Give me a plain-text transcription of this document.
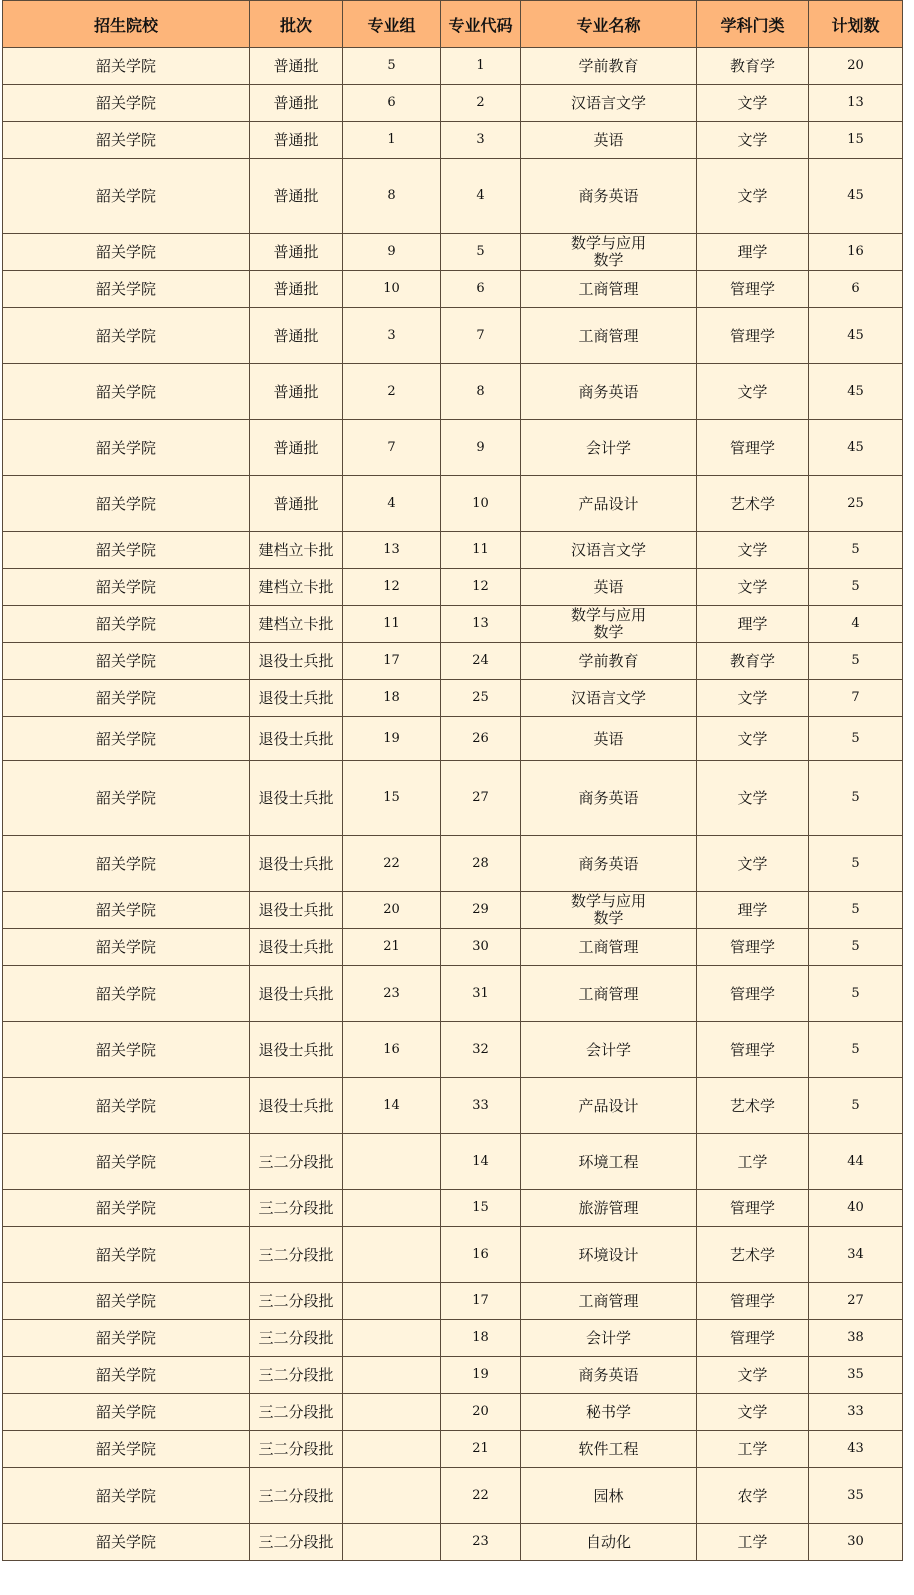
招生院校	批次	专业组	专业代码	专业名称	学科门类	计划数
韶关学院	普通批	5	1	学前教育	教育学	20
韶关学院	普通批	6	2	汉语言文学	文学	13
韶关学院	普通批	1	3	英语	文学	15
韶关学院	普通批	8	4	商务英语	文学	45
韶关学院	普通批	9	5	数学与应用数学	理学	16
韶关学院	普通批	10	6	工商管理	管理学	6
韶关学院	普通批	3	7	工商管理	管理学	45
韶关学院	普通批	2	8	商务英语	文学	45
韶关学院	普通批	7	9	会计学	管理学	45
韶关学院	普通批	4	10	产品设计	艺术学	25
韶关学院	建档立卡批	13	11	汉语言文学	文学	5
韶关学院	建档立卡批	12	12	英语	文学	5
韶关学院	建档立卡批	11	13	数学与应用数学	理学	4
韶关学院	退役士兵批	17	24	学前教育	教育学	5
韶关学院	退役士兵批	18	25	汉语言文学	文学	7
韶关学院	退役士兵批	19	26	英语	文学	5
韶关学院	退役士兵批	15	27	商务英语	文学	5
韶关学院	退役士兵批	22	28	商务英语	文学	5
韶关学院	退役士兵批	20	29	数学与应用数学	理学	5
韶关学院	退役士兵批	21	30	工商管理	管理学	5
韶关学院	退役士兵批	23	31	工商管理	管理学	5
韶关学院	退役士兵批	16	32	会计学	管理学	5
韶关学院	退役士兵批	14	33	产品设计	艺术学	5
韶关学院	三二分段批		14	环境工程	工学	44
韶关学院	三二分段批		15	旅游管理	管理学	40
韶关学院	三二分段批		16	环境设计	艺术学	34
韶关学院	三二分段批		17	工商管理	管理学	27
韶关学院	三二分段批		18	会计学	管理学	38
韶关学院	三二分段批		19	商务英语	文学	35
韶关学院	三二分段批		20	秘书学	文学	33
韶关学院	三二分段批		21	软件工程	工学	43
韶关学院	三二分段批		22	园林	农学	35
韶关学院	三二分段批		23	自动化	工学	30
